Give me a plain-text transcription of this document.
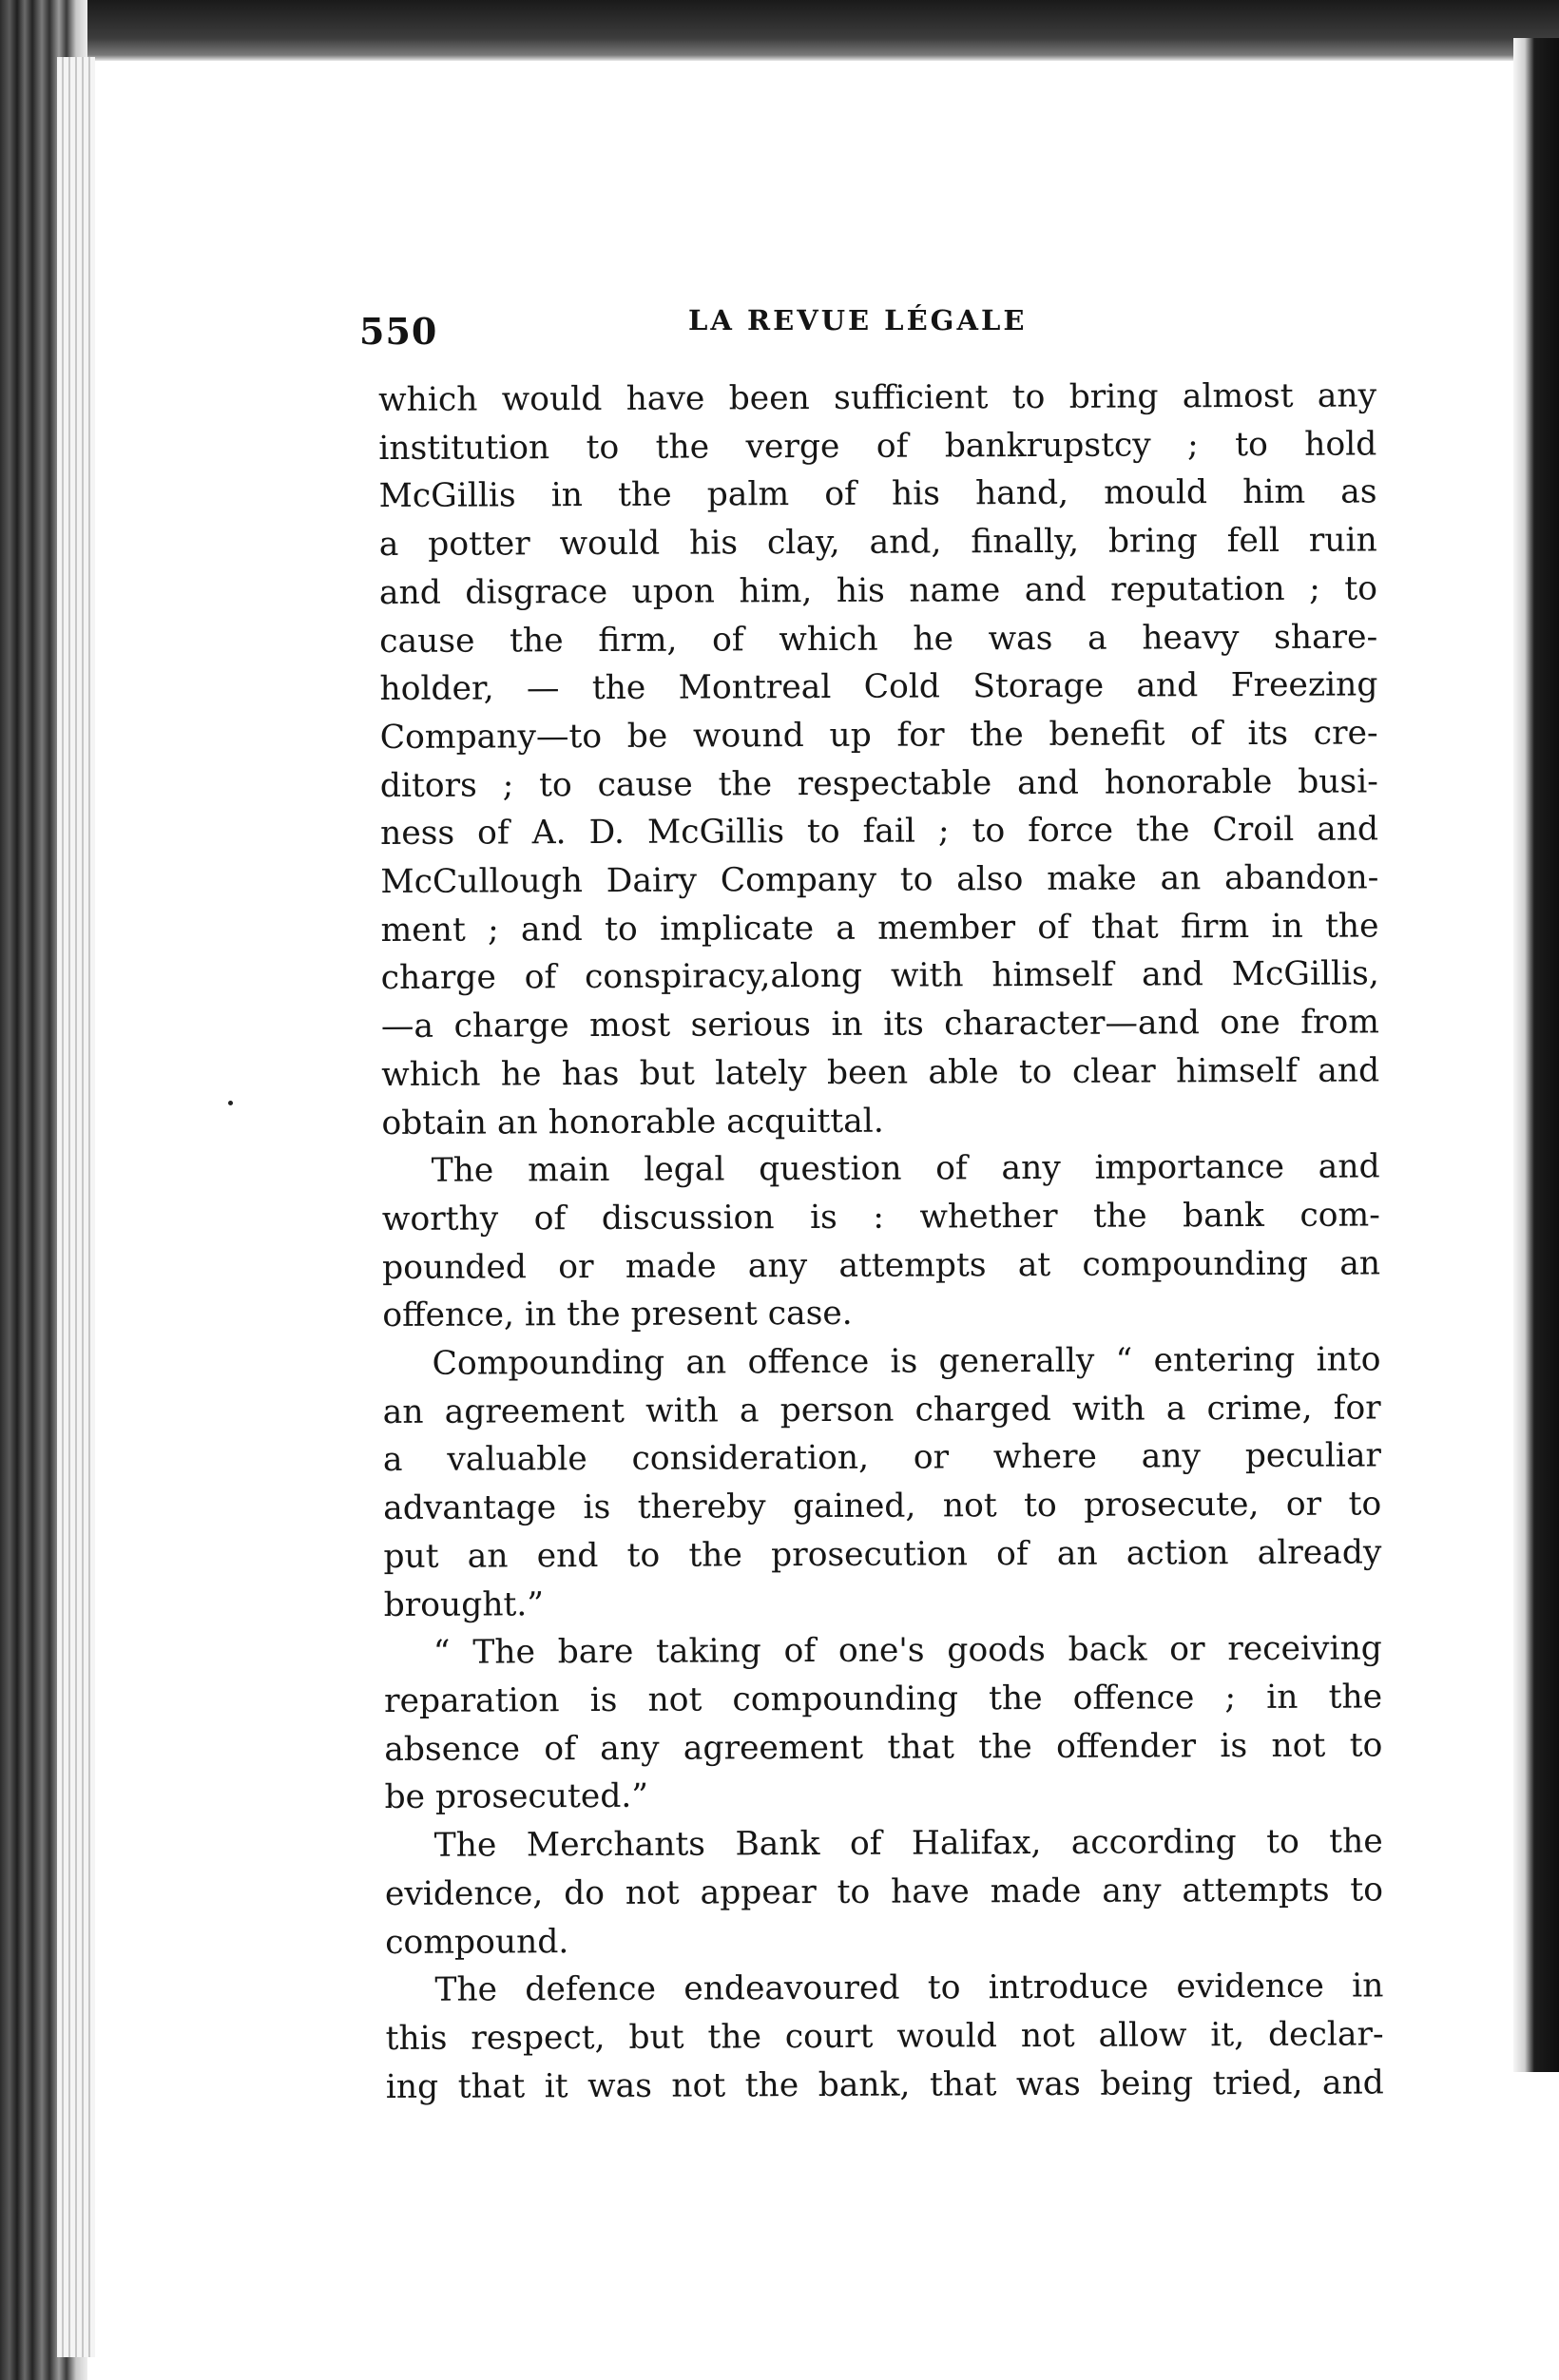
550	LA REVUE LÉGALE
which would have been sufficient to bring almost any
institution to the verge of bankrupstcy ; to hold
McGillis in the palm of his hand, mould him as
a potter would his clay, and, finally, bring fell ruin
and disgrace upon him, his name and reputation ; to
cause the firm, of which he was a heavy share-
holder, — the Montreal Cold Storage and Freezing
Company—to be wound up for the benefit of its cre-
ditors ; to cause the respectable and honorable busi-
ness of A. D. McGillis to fail ; to force the Croil and
McCullough Dairy Company to also make an abandon-
ment ; and to implicate a member of that firm in the
charge of conspiracy,along with himself and McGillis,
—a charge most serious in its character—and one from
which he has but lately been able to clear himself and
obtain an honorable acquittal.
The main legal question of any importance and
worthy of discussion is : whether the bank com-
pounded or made any attempts at compounding an
offence, in the present case.
Compounding an offence is generally “ entering into
an agreement with a person charged with a crime, for
a valuable consideration, or where any peculiar
advantage is thereby gained, not to prosecute, or to
put an end to the prosecution of an action already
brought.”
“ The bare taking of one's goods back or receiving
reparation is not compounding the offence ; in the
absence of any agreement that the offender is not to
be prosecuted.”
The Merchants Bank of Halifax, according to the
evidence, do not appear to have made any attempts to
compound.
The defence endeavoured to introduce evidence in
this respect, but the court would not allow it, declar-
ing that it was not the bank, that was being tried, and
